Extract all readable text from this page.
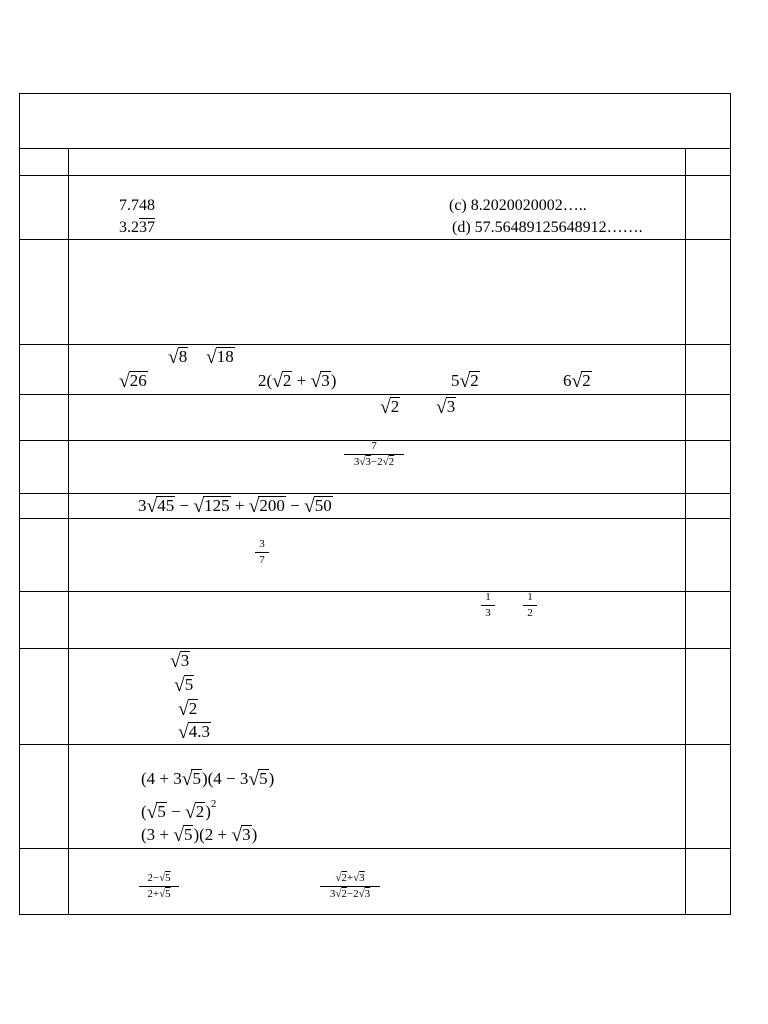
7.748
3.237
(c) 8.2020020002…..
(d) 57.56489125648912…….
√8 √18
√26	2(√2 + √3)	5√2	6√2
√2 √3
$\frac{7}{3√3-2√2}$
3√45 − √125 + √200 − √50
$\frac{3}{7}$
$\frac{1}{3}$	$\frac{1}{2}$
√3
√5
√2
√4.3
(4 + 3√5)(4 − 3√5)
$(√5 - √2)^2$
(3 + √5)(2 + √3)
$\frac{2-√5}{2+√5}$	$\frac{√2+√3}{3√2-2√3}$
